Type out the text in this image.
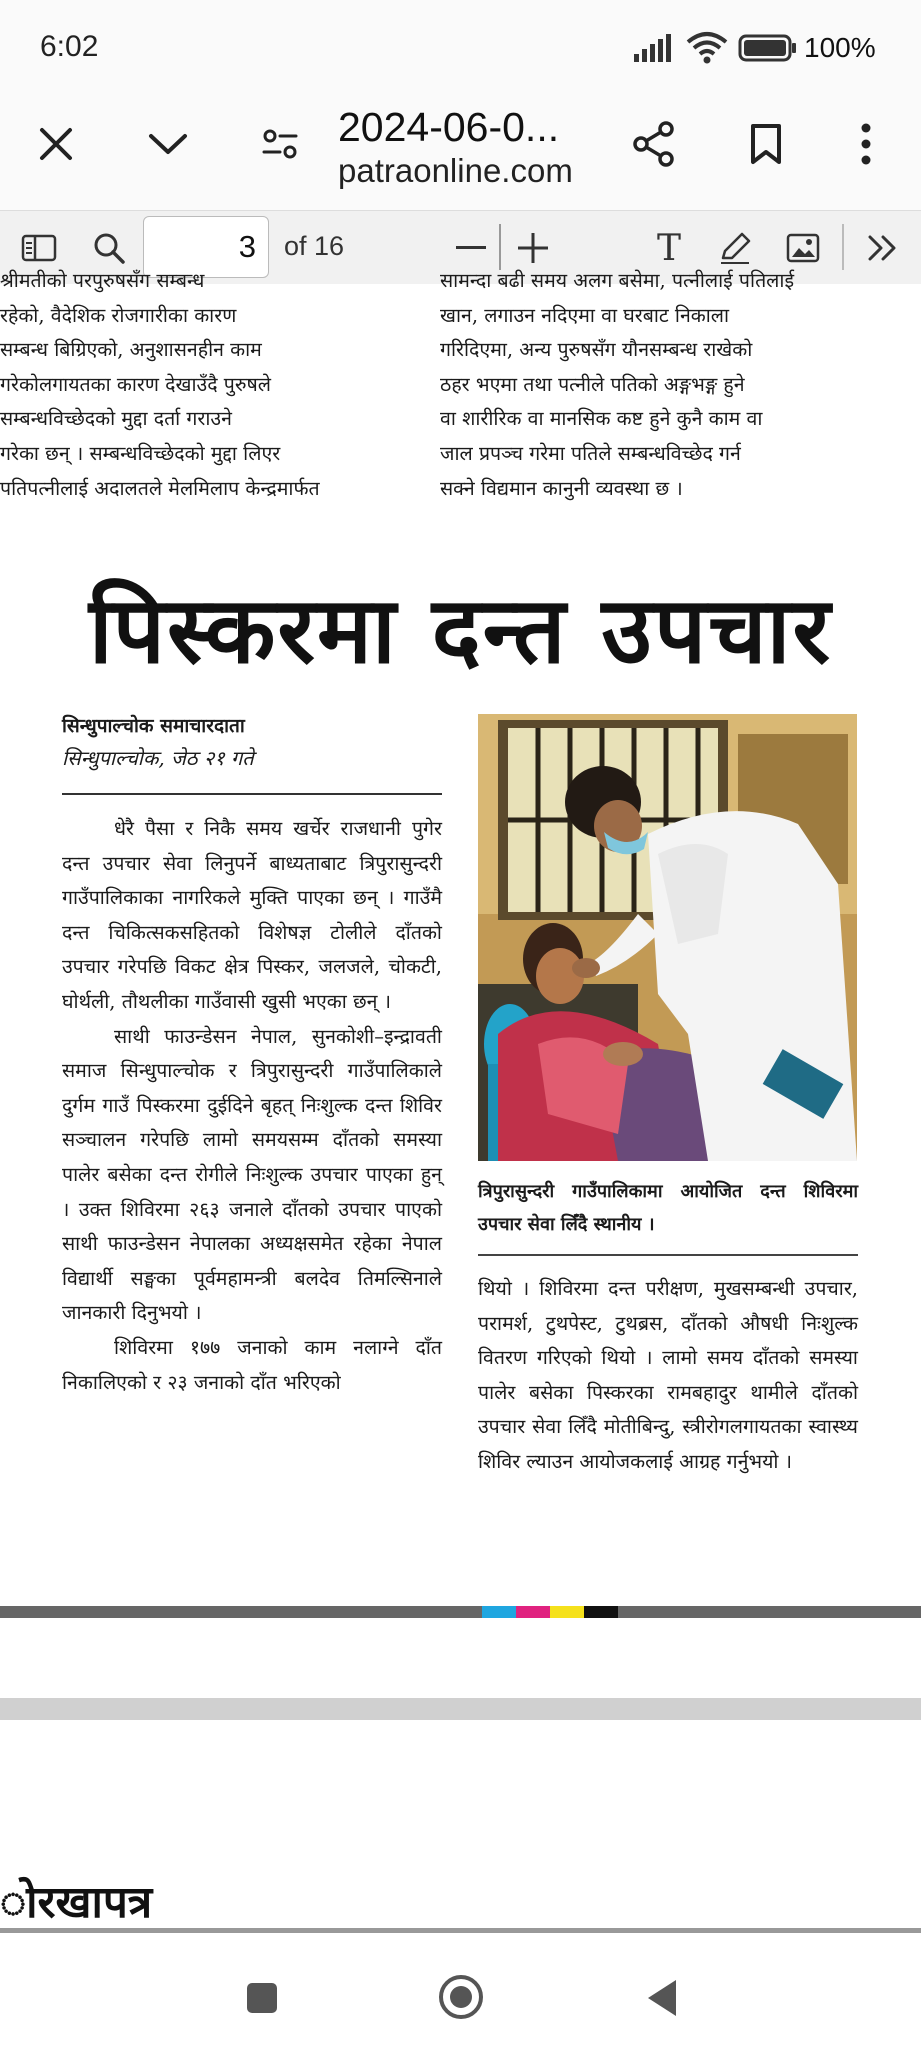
6:02	100%
2024-06-0...
patraonline.com
3
of 16	T

श्रीमतीको परपुरुषसँग सम्बन्ध

रहेको, वैदेशिक रोजगारीका कारण

सम्बन्ध बिग्रिएको, अनुशासनहीन काम

गरेकोलगायतका कारण देखाउँदै पुरुषले

सम्बन्धविच्छेदको मुद्दा दर्ता गराउने

गरेका छन् । सम्बन्धविच्छेदको मुद्दा लिएर

पतिपत्नीलाई अदालतले मेलमिलाप केन्द्रमार्फत

सामन्दा बढी समय अलग बसेमा, पत्नीलाई पतिलाई

खान, लगाउन नदिएमा वा घरबाट निकाला

गरिदिएमा, अन्य पुरुषसँग यौनसम्बन्ध राखेको

ठहर भएमा तथा पत्नीले पतिको अङ्गभङ्ग हुने

वा शारीरिक वा मानसिक कष्ट हुने कुनै काम वा

जाल प्रपञ्च गरेमा पतिले सम्बन्धविच्छेद गर्न

सक्ने विद्यमान कानुनी व्यवस्था छ ।

पिस्करमा दन्त उपचार
सिन्धुपाल्चोक समाचारदाता
सिन्धुपाल्चोक, जेठ २१ गते

धेरै पैसा र निकै समय खर्चेर राजधानी पुगेर दन्त उपचार सेवा लिनुपर्ने बाध्यताबाट त्रिपुरासुन्दरी गाउँपालिकाका नागरिकले मुक्ति पाएका छन् । गाउँमै दन्त चिकित्सकसहितको विशेषज्ञ टोलीले दाँतको उपचार गरेपछि विकट क्षेत्र पिस्कर, जलजले, चोकटी, घोर्थली, तौथलीका गाउँवासी खुसी भएका छन् ।

साथी फाउन्डेसन नेपाल, सुनकोशी–इन्द्रावती समाज सिन्धुपाल्चोक र त्रिपुरासुन्दरी गाउँपालिकाले दुर्गम गाउँ पिस्करमा दुईदिने बृहत् निःशुल्क दन्त शिविर सञ्चालन गरेपछि लामो समयसम्म दाँतको समस्या पालेर बसेका दन्त रोगीले निःशुल्क उपचार पाएका हुन् । उक्त शिविरमा २६३ जनाले दाँतको उपचार पाएको साथी फाउन्डेसन नेपालका अध्यक्षसमेत रहेका नेपाल विद्यार्थी सङ्घका पूर्वमहामन्त्री बलदेव तिमल्सिनाले जानकारी दिनुभयो ।

शिविरमा १७७ जनाको काम नलाग्ने दाँत निकालिएको र २३ जनाको दाँत भरिएको

त्रिपुरासुन्दरी गाउँपालिकामा आयोजित दन्त शिविरमा उपचार सेवा लिँदै स्थानीय ।

थियो । शिविरमा दन्त परीक्षण, मुखसम्बन्धी उपचार, परामर्श, टुथपेस्ट, टुथब्रस, दाँतको औषधी निःशुल्क वितरण गरिएको थियो । लामो समय दाँतको समस्या पालेर बसेका पिस्करका रामबहादुर थामीले दाँतको उपचार सेवा लिँदै मोतीबिन्दु, स्त्रीरोगलगायतका स्वास्थ्य शिविर ल्याउन आयोजकलाई आग्रह गर्नुभयो ।

ोरखापत्र
